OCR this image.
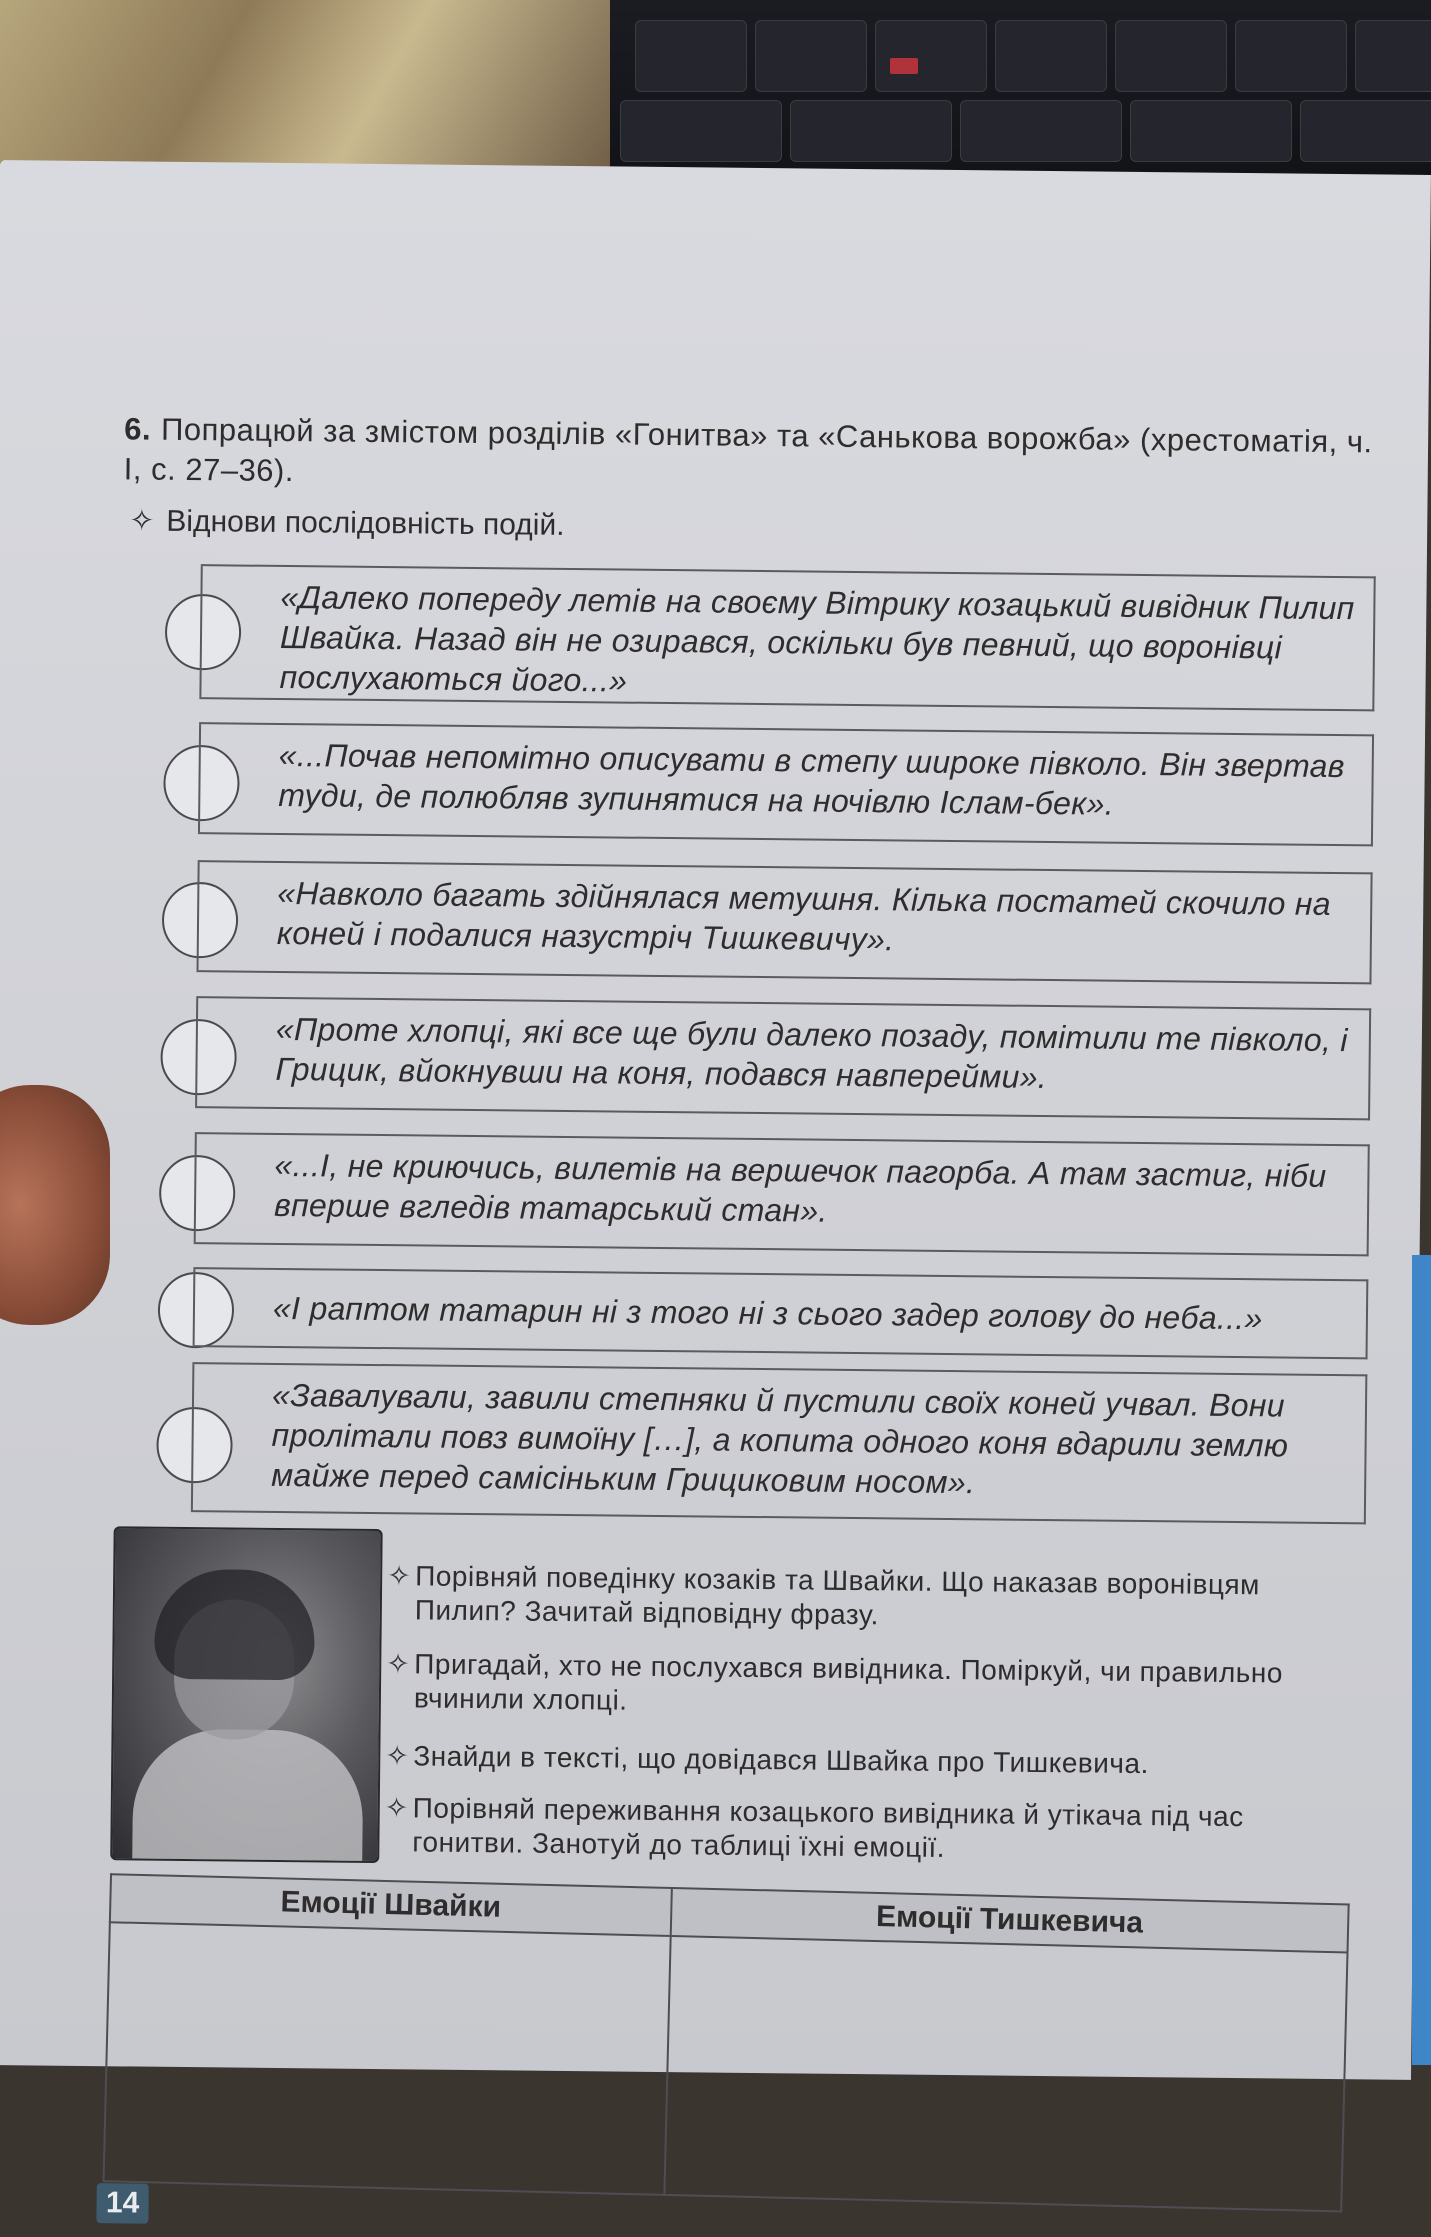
6. Попрацюй за змістом розділів «Гонитва» та «Санькова ворожба» (хрестоматія, ч. І, с. 27–36).
✧ Віднови послідовність подій.
«Далеко попереду летів на своєму Вітрику козацький вивідник Пилип Швайка. Назад він не озирався, оскільки був певний, що воронівці послухаються його...»
«...Почав непомітно описувати в степу широке півколо. Він звертав туди, де полюбляв зупинятися на ночівлю Іслам-бек».
«Навколо багать здійнялася метушня. Кілька постатей скочило на коней і подалися назустріч Тишкевичу».
«Проте хлопці, які все ще були далеко позаду, помітили те півколо, і Грицик, вйокнувши на коня, подався навперейми».
«...І, не криючись, вилетів на вершечок пагорба. А там застиг, ніби вперше вгледів татарський стан».
«І раптом татарин ні з того ні з сього задер голову до неба...»
«Завалували, завили степняки й пустили своїх коней учвал. Вони пролітали повз вимоїну […], а копита одного коня вдарили землю майже перед самісіньким Грициковим носом».
✧ Порівняй поведінку козаків та Швайки. Що наказав воронівцям Пилип? Зачитай відповідну фразу.
✧ Пригадай, хто не послухався вивідника. Поміркуй, чи правильно вчинили хлопці.
✧ Знайди в тексті, що довідався Швайка про Тишкевича.
✧ Порівняй переживання козацького вивідника й утікача під час гонитви. Занотуй до таблиці їхні емоції.
Емоції Швайки	Емоції Тишкевича

14
